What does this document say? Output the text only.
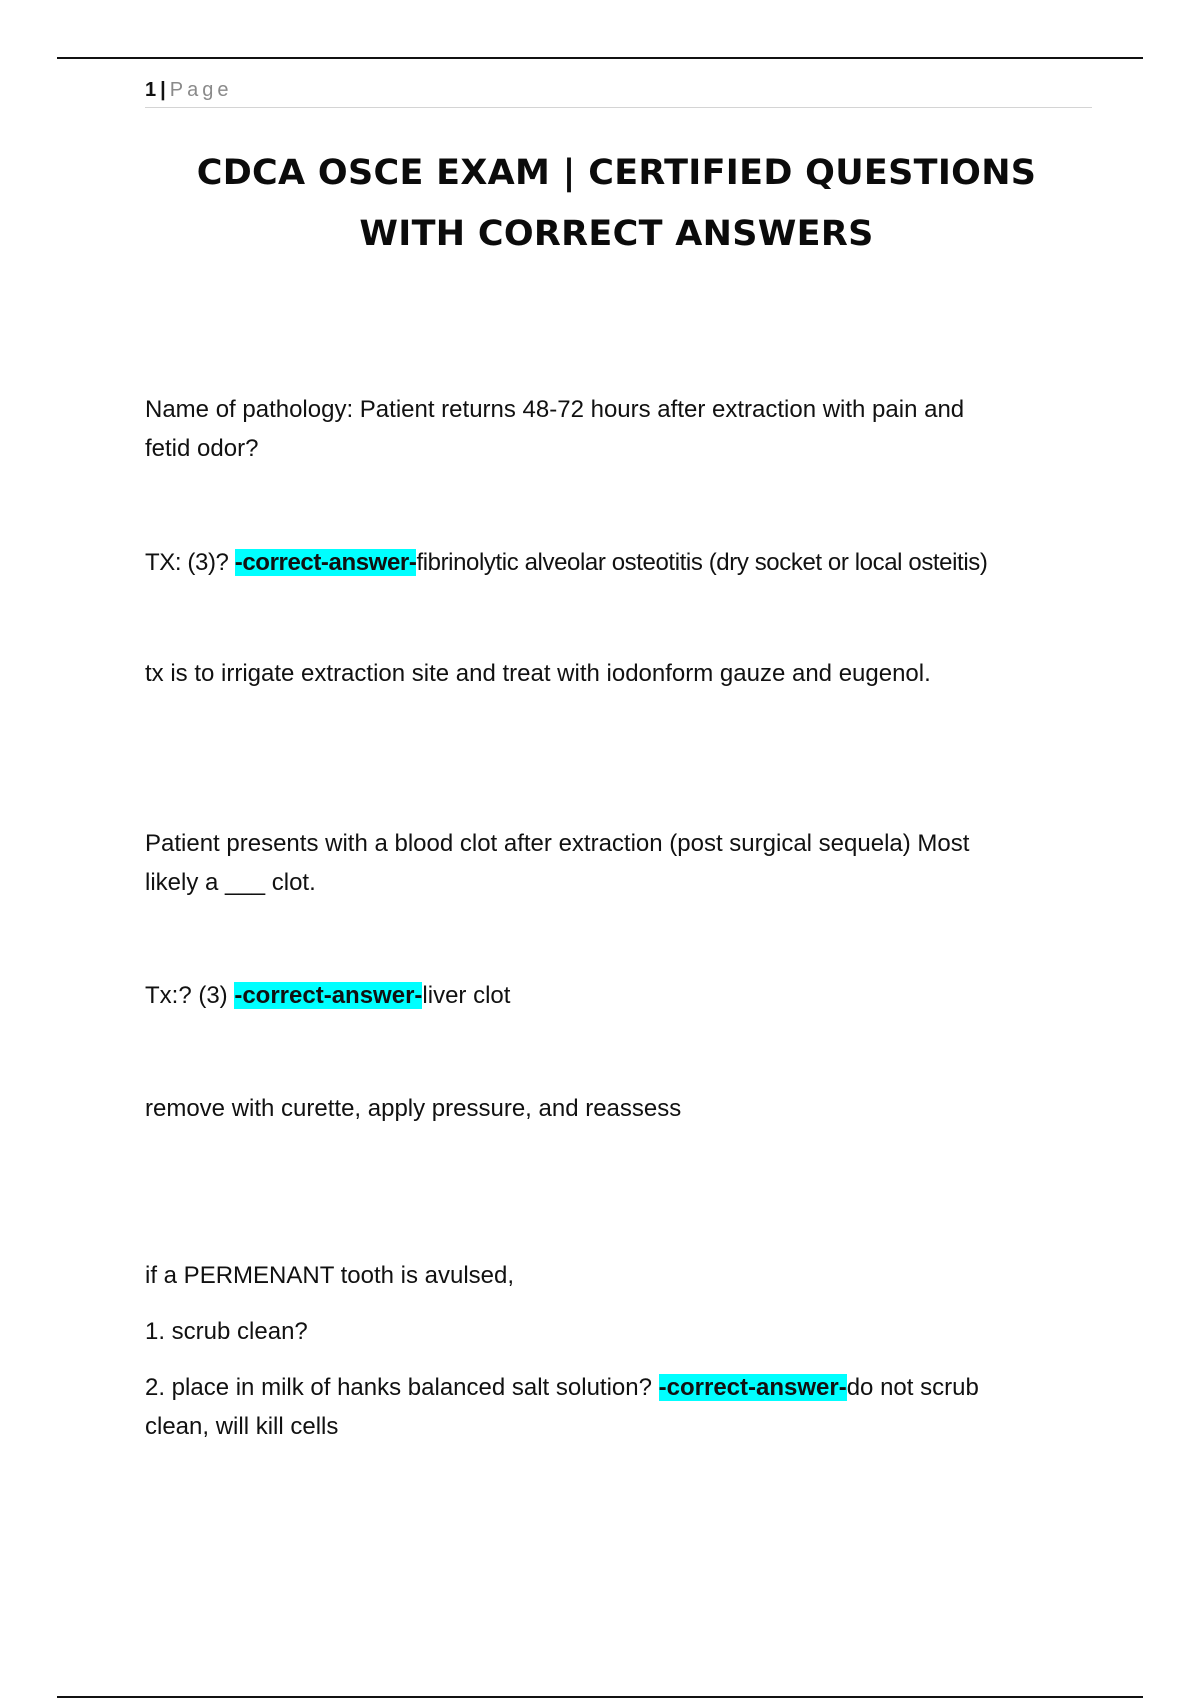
1 | Page
CDCA OSCE EXAM | CERTIFIED QUESTIONS
WITH CORRECT ANSWERS

Name of pathology: Patient returns 48-72 hours after extraction with pain and
fetid odor?

TX: (3)? -correct-answer-fibrinolytic alveolar osteotitis (dry socket or local osteitis)

tx is to irrigate extraction site and treat with iodonform gauze and eugenol.

Patient presents with a blood clot after extraction (post surgical sequela) Most
likely a ___ clot.

Tx:? (3) -correct-answer-liver clot

remove with curette, apply pressure, and reassess

if a PERMENANT tooth is avulsed,

1. scrub clean?

2. place in milk of hanks balanced salt solution? -correct-answer-do not scrub
clean, will kill cells
